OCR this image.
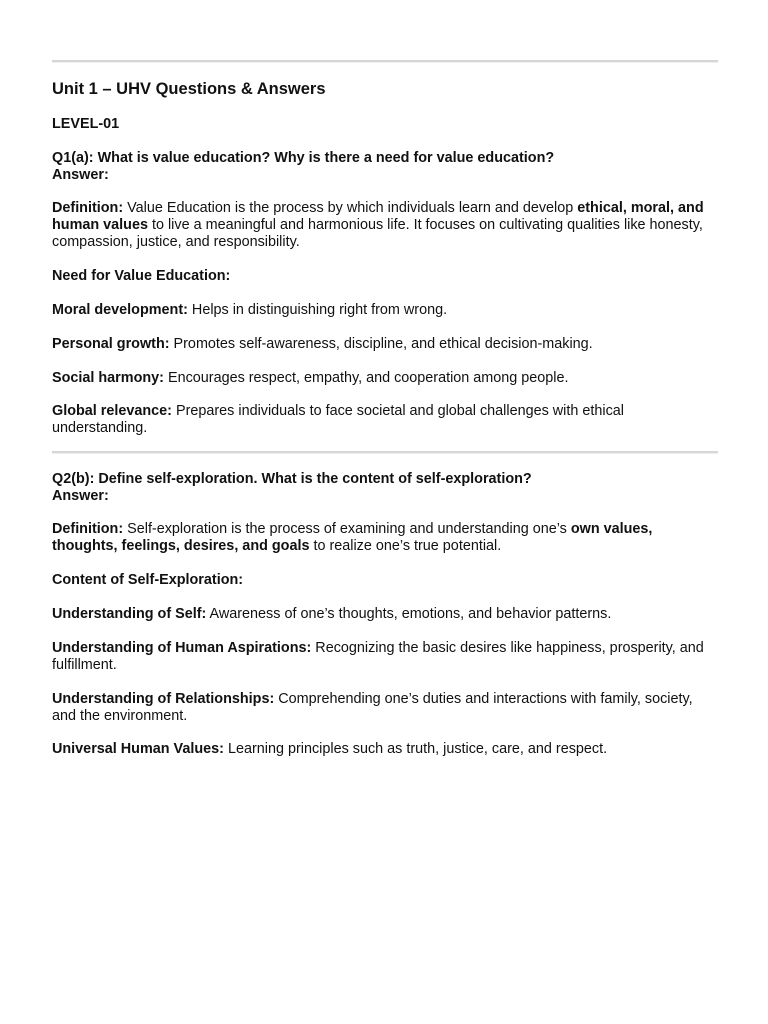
Unit 1 – UHV Questions & Answers

LEVEL-01

Q1(a): What is value education? Why is there a need for value education?
Answer:

Definition: Value Education is the process by which individuals learn and develop ethical, moral, and human values to live a meaningful and harmonious life. It focuses on cultivating qualities like honesty, compassion, justice, and responsibility.

Need for Value Education:

Moral development: Helps in distinguishing right from wrong.

Personal growth: Promotes self-awareness, discipline, and ethical decision-making.

Social harmony: Encourages respect, empathy, and cooperation among people.

Global relevance: Prepares individuals to face societal and global challenges with ethical understanding.

Q2(b): Define self-exploration. What is the content of self-exploration?
Answer:

Definition: Self-exploration is the process of examining and understanding one’s own values, thoughts, feelings, desires, and goals to realize one’s true potential.

Content of Self-Exploration:

Understanding of Self: Awareness of one’s thoughts, emotions, and behavior patterns.

Understanding of Human Aspirations: Recognizing the basic desires like happiness, prosperity, and fulfillment.

Understanding of Relationships: Comprehending one’s duties and interactions with family, society, and the environment.

Universal Human Values: Learning principles such as truth, justice, care, and respect.
